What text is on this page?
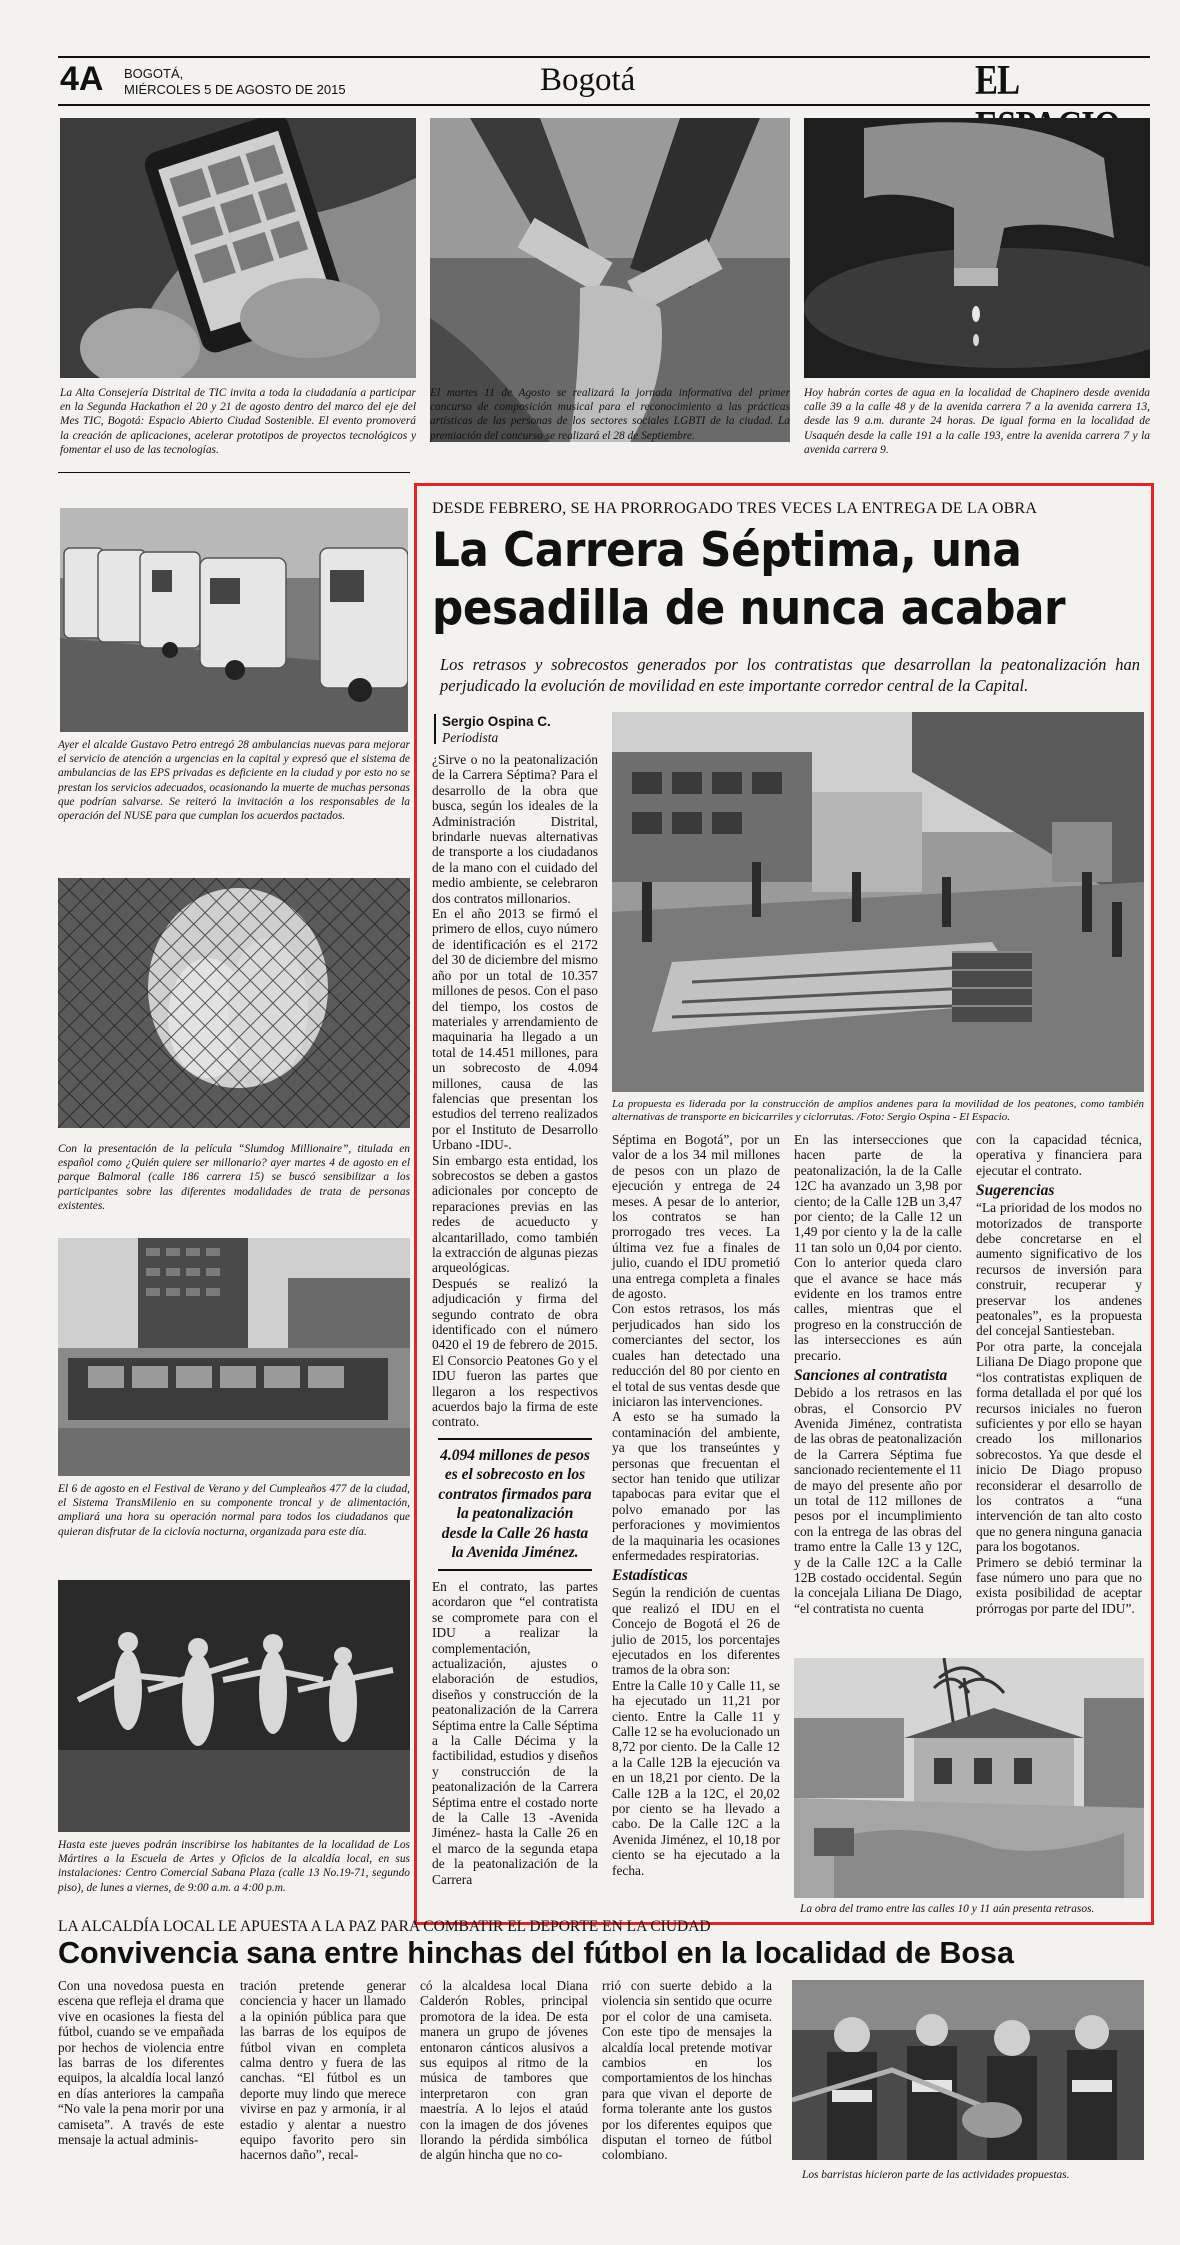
4A BOGOTÁ,
MIÉRCOLES 5 DE AGOSTO DE 2015	Bogotá	EL

La Alta Consejería Distrital de TIC invita a toda la ciudadanía a participar en la Segunda Hackathon el 20 y 21 de agosto dentro del marco del eje del Mes TIC, Bogotá: Espacio Abierto Ciudad Sostenible. El evento promoverá la creación de aplicaciones, acelerar prototipos de proyectos tecnológicos y fomentar el uso de las tecnologías.

El martes 11 de Agosto se realizará la jornada informativa del primer concurso de composición musical para el reconocimiento a las prácticas artísticas de las personas de los sectores sociales LGBTI de la ciudad. La premiación del concurso se realizará el 28 de Septiembre.

Hoy habrán cortes de agua en la localidad de Chapinero desde avenida calle 39 a la calle 48 y de la avenida carrera 7 a la avenida carrera 13, desde las 9 a.m. durante 24 horas. De igual forma en la localidad de Usaquén desde la calle 191 a la calle 193, entre la avenida carrera 7 y la avenida carrera 9.

Ayer el alcalde Gustavo Petro entregó 28 ambulancias nuevas para mejorar el servicio de atención a urgencias en la capital y expresó que el sistema de ambulancias de las EPS privadas es deficiente en la ciudad y por esto no se prestan los servicios adecuados, ocasionando la muerte de muchas personas que podrían salvarse. Se reiteró la invitación a los responsables de la operación del NUSE para que cumplan los acuerdos pactados.

Con la presentación de la película “Slumdog Millionaire”, titulada en español como ¿Quién quiere ser millonario? ayer martes 4 de agosto en el parque Balmoral (calle 186 carrera 15) se buscó sensibilizar a los participantes sobre las diferentes modalidades de trata de personas existentes.

El 6 de agosto en el Festival de Verano y del Cumpleaños 477 de la ciudad, el Sistema TransMilenio en su componente troncal y de alimentación, ampliará una hora su operación normal para todos los ciudadanos que quieran disfrutar de la ciclovía nocturna, organizada para este día.

Hasta este jueves podrán inscribirse los habitantes de la localidad de Los Mártires a la Escuela de Artes y Oficios de la alcaldía local, en sus instalaciones: Centro Comercial Sabana Plaza (calle 13 No.19-71, segundo piso), de lunes a viernes, de 9:00 a.m. a 4:00 p.m.

DESDE FEBRERO, SE HA PRORROGADO TRES VECES LA ENTREGA DE LA OBRA
La Carrera Séptima, una
pesadilla de nunca acabar
Los retrasos y sobrecostos generados por los contratistas que desarrollan la peatonalización han perjudicado la evolución de movilidad en este importante corredor central de la Capital.
Sergio Ospina C.
Periodista

¿Sirve o no la peatonalización de la Carrera Séptima? Para el desarrollo de la obra que busca, según los ideales de la Administración Distrital, brindarle nuevas alternativas de transporte a los ciudadanos de la mano con el cuidado del medio ambiente, se celebraron dos contratos millonarios.

En el año 2013 se firmó el primero de ellos, cuyo número de identificación es el 2172 del 30 de diciembre del mismo año por un total de 10.357 millones de pesos. Con el paso del tiempo, los costos de materiales y arrendamiento de maquinaria ha llegado a un total de 14.451 millones, para un sobrecosto de 4.094 millones, causa de las falencias que presentan los estudios del terreno realizados por el Instituto de Desarrollo Urbano -IDU-.

Sin embargo esta entidad, los sobrecostos se deben a gastos adicionales por concepto de reparaciones previas en las redes de acueducto y alcantarillado, como también la extracción de algunas piezas arqueológicas.

Después se realizó la adjudicación y firma del segundo contrato de obra identificado con el número 0420 el 19 de febrero de 2015. El Consorcio Peatones Go y el IDU fueron las partes que llegaron a los respectivos acuerdos bajo la firma de este contrato.

4.094 millones de pesos es el sobrecosto en los contratos firmados para la peatonalización desde la Calle 26 hasta la Avenida Jiménez.

En el contrato, las partes acordaron que “el contratista se compromete para con el IDU a realizar la complementación, actualización, ajustes o elaboración de estudios, diseños y construcción de la peatonalización de la Carrera Séptima entre la Calle Séptima a la Calle Décima y la factibilidad, estudios y diseños y construcción de la peatonalización de la Carrera Séptima entre el costado norte de la Calle 13 -Avenida Jiménez- hasta la Calle 26 en el marco de la segunda etapa de la peatonalización de la Carrera

La propuesta es liderada por la construcción de amplios andenes para la movilidad de los peatones, como también alternativas de transporte en bicicarriles y ciclorrutas. /Foto: Sergio Ospina - El Espacio.

Séptima en Bogotá”, por un valor de a los 34 mil millones de pesos con un plazo de ejecución y entrega de 24 meses. A pesar de lo anterior, los contratos se han prorrogado tres veces. La última vez fue a finales de julio, cuando el IDU prometió una entrega completa a finales de agosto.

Con estos retrasos, los más perjudicados han sido los comerciantes del sector, los cuales han detectado una reducción del 80 por ciento en el total de sus ventas desde que iniciaron las intervenciones.

A esto se ha sumado la contaminación del ambiente, ya que los transeúntes y personas que frecuentan el sector han tenido que utilizar tapabocas para evitar que el polvo emanado por las perforaciones y movimientos de la maquinaria les ocasiones enfermedades respiratorias.

Estadísticas

Según la rendición de cuentas que realizó el IDU en el Concejo de Bogotá el 26 de julio de 2015, los porcentajes ejecutados en los diferentes tramos de la obra son:

Entre la Calle 10 y Calle 11, se ha ejecutado un 11,21 por ciento. Entre la Calle 11 y Calle 12 se ha evolucionado un 8,72 por ciento. De la Calle 12 a la Calle 12B la ejecución va en un 18,21 por ciento. De la Calle 12B a la 12C, el 20,02 por ciento se ha llevado a cabo. De la Calle 12C a la Avenida Jiménez, el 10,18 por ciento se ha ejecutado a la fecha.

En las intersecciones que hacen parte de la peatonalización, la de la Calle 12C ha avanzado un 3,98 por ciento; de la Calle 12B un 3,47 por ciento; de la Calle 12 un 1,49 por ciento y la de la calle 11 tan solo un 0,04 por ciento. Con lo anterior queda claro que el avance se hace más evidente en los tramos entre calles, mientras que el progreso en la construcción de las intersecciones es aún precario.

Sanciones al contratista

Debido a los retrasos en las obras, el Consorcio PV Avenida Jiménez, contratista de las obras de peatonalización de la Carrera Séptima fue sancionado recientemente el 11 de mayo del presente año por un total de 112 millones de pesos por el incumplimiento con la entrega de las obras del tramo entre la Calle 13 y 12C, y de la Calle 12C a la Calle 12B costado occidental. Según la concejala Liliana De Diago, “el contratista no cuenta

con la capacidad técnica, operativa y financiera para ejecutar el contrato.

Sugerencias

“La prioridad de los modos no motorizados de transporte debe concretarse en el aumento significativo de los recursos de inversión para construir, recuperar y preservar los andenes peatonales”, es la propuesta del concejal Santiesteban.

Por otra parte, la concejala Liliana De Diago propone que “los contratistas expliquen de forma detallada el por qué los recursos iniciales no fueron suficientes y por ello se hayan creado los millonarios sobrecostos. Ya que desde el inicio De Diago propuso reconsiderar el desarrollo de los contratos a “una intervención de tan alto costo que no genera ninguna ganacia para los bogotanos.

Primero se debió terminar la fase número uno para que no exista posibilidad de aceptar prórrogas por parte del IDU”.

La obra del tramo entre las calles 10 y 11 aún presenta retrasos.

LA ALCALDÍA LOCAL LE APUESTA A LA PAZ PARA COMBATIR EL DEPORTE EN LA CIUDAD
Convivencia sana entre hinchas del fútbol en la localidad de Bosa
Con una novedosa puesta en escena que refleja el drama que vive en ocasiones la fiesta del fútbol, cuando se ve empañada por hechos de violencia entre las barras de los diferentes equipos, la alcaldía local lanzó en días anteriores la campaña “No vale la pena morir por una camiseta”. A través de este mensaje la actual adminis-
tración pretende generar conciencia y hacer un llamado a la opinión pública para que las barras de los equipos de fútbol vivan en completa calma dentro y fuera de las canchas. “El fútbol es un deporte muy lindo que merece vivirse en paz y armonía, ir al estadio y alentar a nuestro equipo favorito pero sin hacernos daño”, recal-
có la alcaldesa local Diana Calderón Robles, principal promotora de la idea. De esta manera un grupo de jóvenes entonaron cánticos alusivos a sus equipos al ritmo de la música de tambores que interpretaron con gran maestría. A lo lejos el ataúd con la imagen de dos jóvenes llorando la pérdida simbólica de algún hincha que no co-
rrió con suerte debido a la violencia sin sentido que ocurre por el color de una camiseta. Con este tipo de mensajes la alcaldía local pretende motivar cambios en los comportamientos de los hinchas para que vivan el deporte de forma tolerante ante los gustos por los diferentes equipos que disputan el torneo de fútbol colombiano.

Los barristas hicieron parte de las actividades propuestas.
